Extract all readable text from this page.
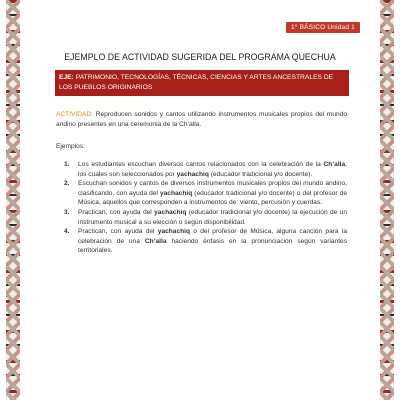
1° BÁSICO Unidad 1
EJEMPLO DE ACTIVIDAD SUGERIDA DEL PROGRAMA QUECHUA
EJE: PATRIMONIO, TECNOLOGÍAS, TÉCNICAS, CIENCIAS Y ARTES ANCESTRALES DE LOS PUEBLOS ORIGINARIOS
ACTIVIDAD: Reproducen sonidos y cantos utilizando instrumentos musicales propios del mundo andino presentes en una ceremonia de la Ch’alla.
Ejemplos:
1. Los estudiantes escuchan diversos cantos relacionados con la celebración de la Ch’alla, los cuales son seleccionados por yachachiq (educador tradicional y/o docente).
2. Escuchan sonidos y cantos de diversos instrumentos musicales propios del mundo andino, clasificando, con ayuda del yachachiq (educador tradicional y/o docente) o del profesor de Música, aquellos que corresponden a instrumentos de: viento, percusión y cuerdas.
3. Practican, con ayuda del yachachiq (educador tradicional y/o docente) la ejecución de un instrumento musical a su elección o según disponibilidad.
4. Practican, con ayuda del yachachiq o del profesor de Música, alguna canción para la celebración de una Ch’alla haciendo énfasis en la pronunciación según variantes territoriales.
